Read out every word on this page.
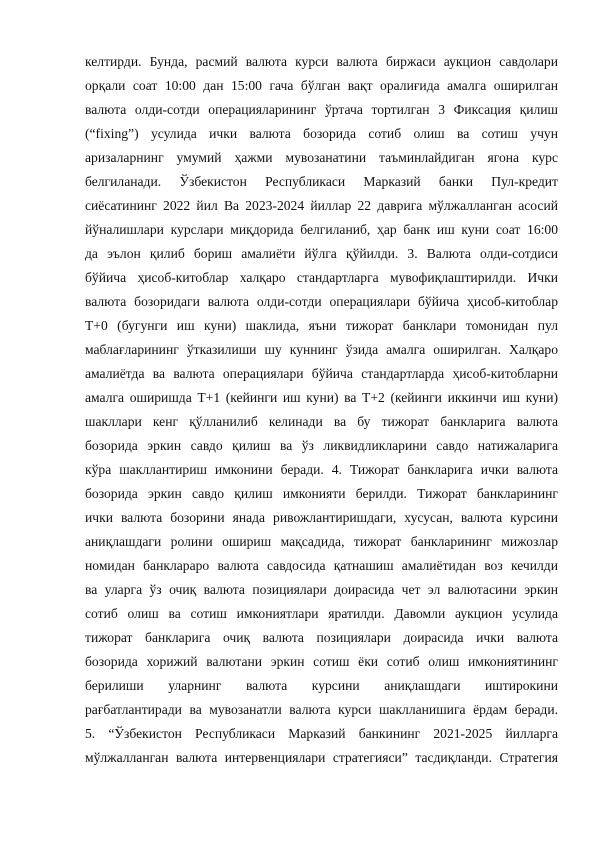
келтирди. Бунда, расмий валюта курси валюта биржаси аукцион савдолари
орқали соат 10:00 дан 15:00 гача бўлган вақт оралиғида амалга оширилган
валюта олди-сотди операцияларининг ўртача тортилган 3 Фиксация қилиш
(“fixing”) усулида ички валюта бозорида сотиб олиш ва сотиш учун
аризаларнинг умумий ҳажми мувозанатини таъминлайдиган ягона курс
белгиланади. Ўзбекистон Республикаси Марказий банки Пул-кредит
сиёсатининг 2022 йил Ва 2023-2024 йиллар 22 даврига мўлжалланган асосий
йўналишлари курслари миқдорида белгиланиб, ҳар банк иш куни соат 16:00
да эълон қилиб бориш амалиёти йўлга қўйилди. 3. Валюта олди-сотдиси
бўйича ҳисоб-китоблар халқаро стандартларга мувофиқлаштирилди. Ички
валюта бозоридаги валюта олди-сотди операциялари бўйича ҳисоб-китоблар
Т+0 (бугунги иш куни) шаклида, яъни тижорат банклари томонидан пул
маблағларининг ўтказилиши шу куннинг ўзида амалга оширилган. Халқаро
амалиётда ва валюта операциялари бўйича стандартларда ҳисоб-китобларни
амалга оширишда Т+1 (кейинги иш куни) ва Т+2 (кейинги иккинчи иш куни)
шакллари кенг қўлланилиб келинади ва бу тижорат банкларига валюта
бозорида эркин савдо қилиш ва ўз ликвидликларини савдо натижаларига
кўра шакллантириш имконини беради. 4. Тижорат банкларига ички валюта
бозорида эркин савдо қилиш имконияти берилди. Тижорат банкларининг
ички валюта бозорини янада ривожлантиришдаги, хусусан, валюта курсини
аниқлашдаги ролини ошириш мақсадида, тижорат банкларининг мижозлар
номидан банклараро валюта савдосида қатнашиш амалиётидан воз кечилди
ва уларга ўз очиқ валюта позициялари доирасида чет эл валютасини эркин
сотиб олиш ва сотиш имкониятлари яратилди. Давомли аукцион усулида
тижорат банкларига очиқ валюта позициялари доирасида ички валюта
бозорида хорижий валютани эркин сотиш ёки сотиб олиш имкониятининг
берилиши уларнинг валюта курсини аниқлашдаги иштирокини
рағбатлантиради ва мувозанатли валюта курси шаклланишига ёрдам беради.
5. “Ўзбекистон Республикаси Марказий банкининг 2021-2025 йилларга
мўлжалланган валюта интервенциялари стратегияси” тасдиқланди. Стратегия
